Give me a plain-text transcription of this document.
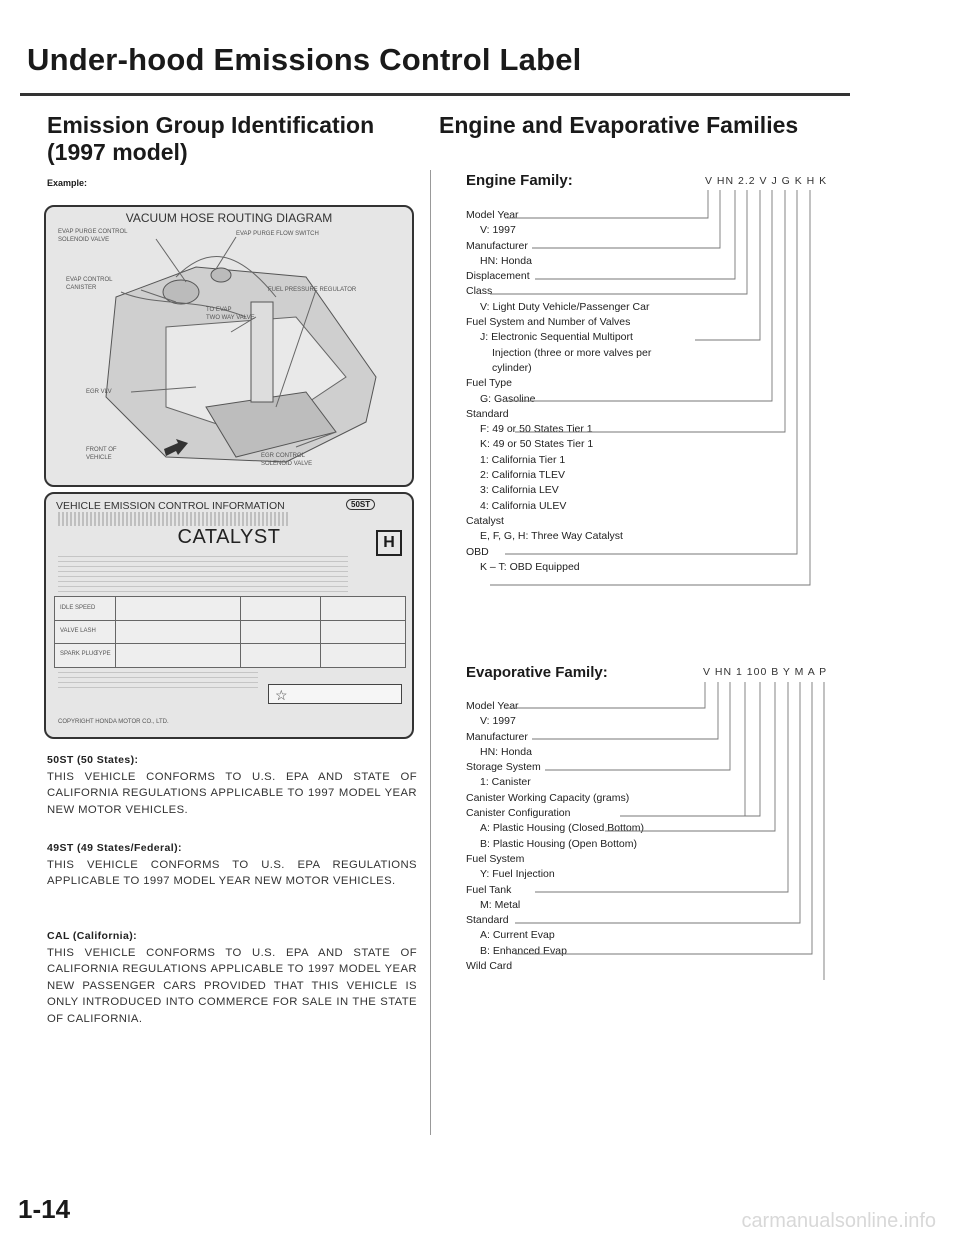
Under-hood Emissions Control Label
Emission Group Identification
(1997 model)
Example:
VACUUM HOSE ROUTING DIAGRAM
EVAP PURGE CONTROL
SOLENOID VALVE
EVAP PURGE FLOW SWITCH
EVAP CONTROL
CANISTER	FUEL PRESSURE REGULATOR
TO EVAP
TWO WAY VALVE
EGR VLV
FRONT OF
VEHICLE	EGR CONTROL
SOLENOID VALVE
VEHICLE EMISSION CONTROL INFORMATION	50ST
CATALYST	H
IDLE SPEED
VALVE LASH
SPARK PLUG
TYPE
☆
COPYRIGHT HONDA MOTOR CO., LTD.
50ST (50 States):
THIS VEHICLE CONFORMS TO U.S. EPA AND STATE OF CALIFORNIA REGULATIONS APPLICABLE TO 1997 MODEL YEAR NEW MOTOR VEHICLES.
49ST (49 States/Federal):
THIS VEHICLE CONFORMS TO U.S. EPA REGULATIONS APPLICABLE TO 1997 MODEL YEAR NEW MOTOR VEHICLES.
CAL (California):
THIS VEHICLE CONFORMS TO U.S. EPA AND STATE OF CALIFORNIA REGULATIONS APPLICABLE TO 1997 MODEL YEAR NEW PASSENGER CARS PROVIDED THAT THIS VEHICLE IS ONLY INTRODUCED INTO COMMERCE FOR SALE IN THE STATE OF CALIFORNIA.
Engine and Evaporative Families
Engine Family:	V HN 2.2 V J G K H K
Model Year
V: 1997
Manufacturer
HN: Honda
Displacement
Class
V: Light Duty Vehicle/Passenger Car
Fuel System and Number of Valves
J: Electronic Sequential Multiport
Injection (three or more valves per
cylinder)
Fuel Type
G: Gasoline
Standard
F: 49 or 50 States Tier 1
K: 49 or 50 States Tier 1
1: California Tier 1
2: California TLEV
3: California LEV
4: California ULEV
Catalyst
E, F, G, H: Three Way Catalyst
OBD
K – T: OBD Equipped
Evaporative Family:	V HN 1 100 B Y M A P
Model Year
V: 1997
Manufacturer
HN: Honda
Storage System
1: Canister
Canister Working Capacity (grams)
Canister Configuration
A: Plastic Housing (Closed Bottom)
B: Plastic Housing (Open Bottom)
Fuel System
Y: Fuel Injection
Fuel Tank
M: Metal
Standard
A: Current Evap
B: Enhanced Evap
Wild Card
1-14	carmanualsonline.info
